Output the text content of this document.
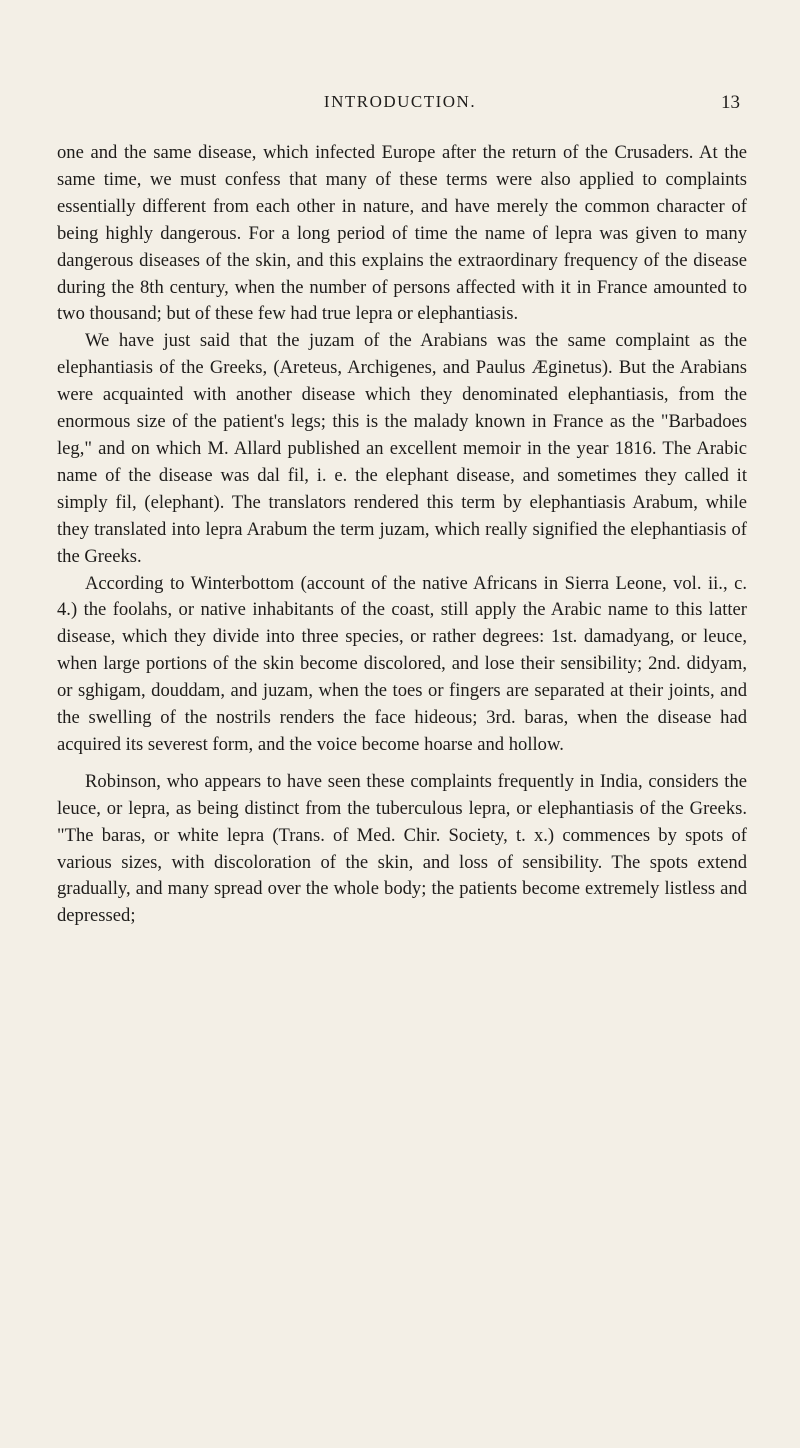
INTRODUCTION.	13

one and the same disease, which infected Europe after the return of the Crusaders. At the same time, we must confess that many of these terms were also applied to complaints essentially different from each other in nature, and have merely the common character of being highly dangerous. For a long period of time the name of lepra was given to many dangerous diseases of the skin, and this explains the extraordinary frequency of the disease during the 8th century, when the number of persons affected with it in France amounted to two thousand; but of these few had true lepra or elephantiasis.

We have just said that the juzam of the Arabians was the same complaint as the elephantiasis of the Greeks, (Areteus, Archigenes, and Paulus Æginetus). But the Arabians were acquainted with another disease which they denominated elephantiasis, from the enormous size of the patient's legs; this is the malady known in France as the "Barbadoes leg," and on which M. Allard published an excellent memoir in the year 1816. The Arabic name of the disease was dal fil, i. e. the elephant disease, and sometimes they called it simply fil, (elephant). The translators rendered this term by elephantiasis Arabum, while they translated into lepra Arabum the term juzam, which really signified the elephantiasis of the Greeks.

According to Winterbottom (account of the native Africans in Sierra Leone, vol. ii., c. 4.) the foolahs, or native inhabitants of the coast, still apply the Arabic name to this latter disease, which they divide into three species, or rather degrees: 1st. damadyang, or leuce, when large portions of the skin become discolored, and lose their sensibility; 2nd. didyam, or sghigam, douddam, and juzam, when the toes or fingers are separated at their joints, and the swelling of the nostrils renders the face hideous; 3rd. baras, when the disease had acquired its severest form, and the voice become hoarse and hollow.

Robinson, who appears to have seen these complaints frequently in India, considers the leuce, or lepra, as being distinct from the tuberculous lepra, or elephantiasis of the Greeks. "The baras, or white lepra (Trans. of Med. Chir. Society, t. x.) commences by spots of various sizes, with discoloration of the skin, and loss of sensibility. The spots extend gradually, and many spread over the whole body; the patients become extremely listless and depressed;
